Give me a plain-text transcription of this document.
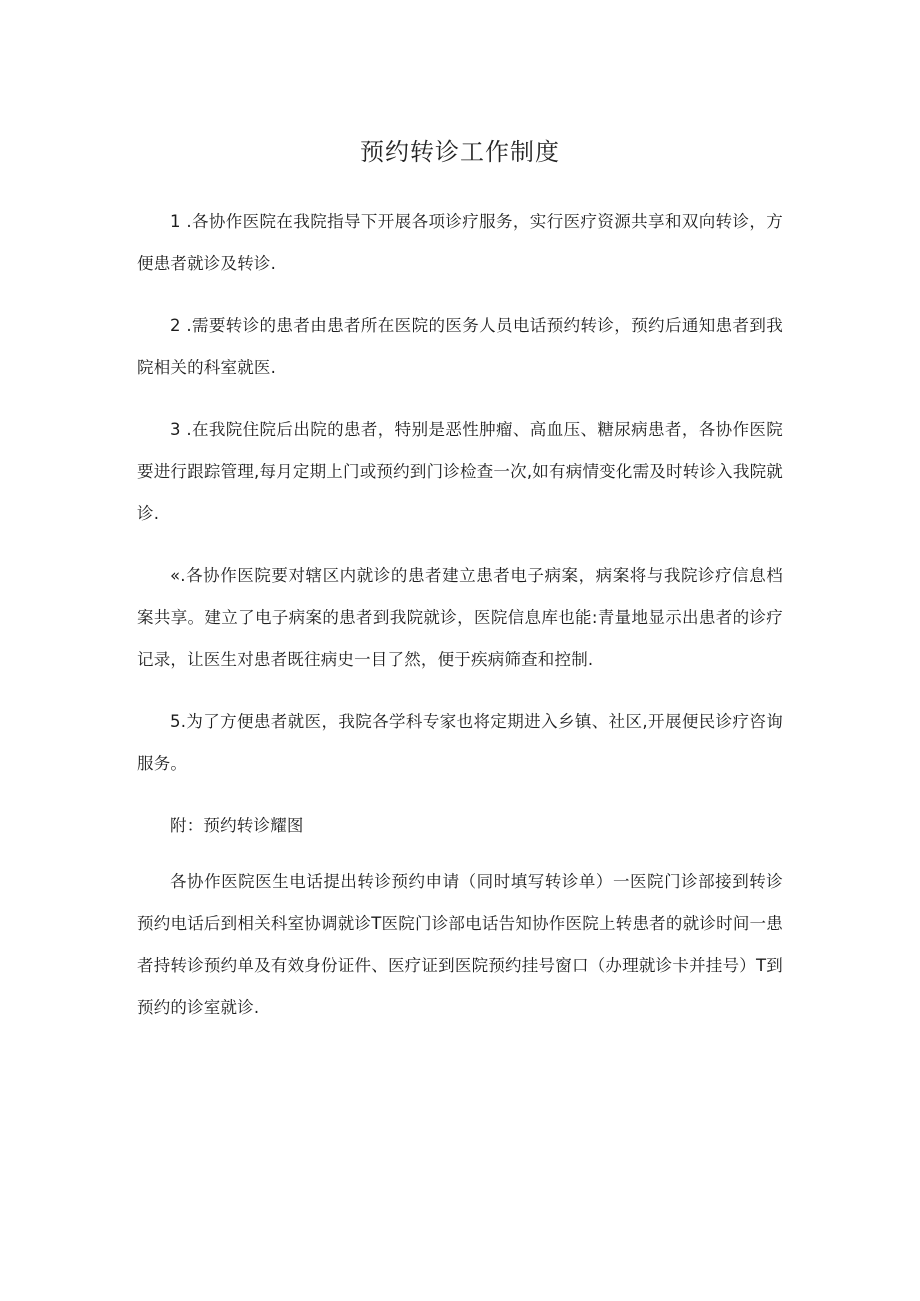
预约转诊工作制度

1 .各协作医院在我院指导下开展各项诊疗服务，实行医疗资源共享和双向转诊，方便患者就诊及转诊.

2 .需要转诊的患者由患者所在医院的医务人员电话预约转诊，预约后通知患者到我院相关的科室就医.

3 .在我院住院后出院的患者，特别是恶性肿瘤、高血压、糖尿病患者，各协作医院要进行跟踪管理,每月定期上门或预约到门诊检查一次,如有病情变化需及时转诊入我院就诊.

«.各协作医院要对辖区内就诊的患者建立患者电子病案，病案将与我院诊疗信息档案共享。建立了电子病案的患者到我院就诊，医院信息库也能:青量地显示出患者的诊疗记录，让医生对患者既往病史一目了然，便于疾病筛查和控制.

5.为了方便患者就医，我院各学科专家也将定期进入乡镇、社区,开展便民诊疗咨询服务。

附：预约转诊耀图

各协作医院医生电话提出转诊预约申请（同时填写转诊单）一医院门诊部接到转诊预约电话后到相关科室协调就诊T医院门诊部电话告知协作医院上转患者的就诊时间一患者持转诊预约单及有效身份证件、医疗证到医院预约挂号窗口（办理就诊卡并挂号）T到预约的诊室就诊.
